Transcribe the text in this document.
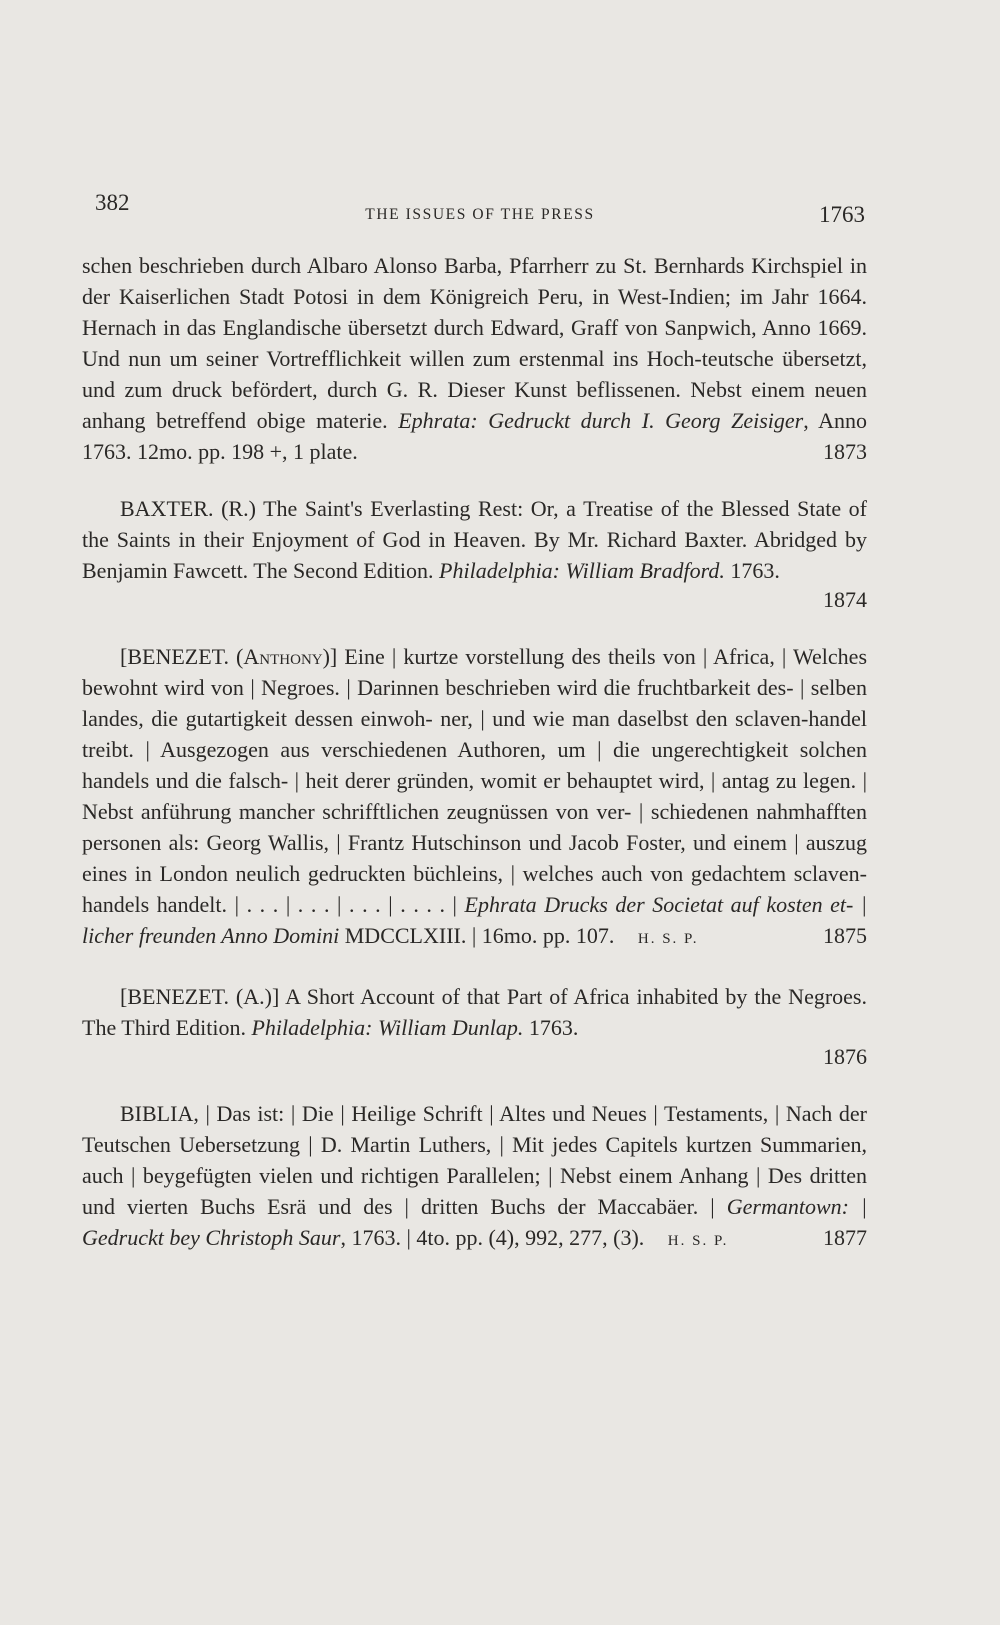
382	THE ISSUES OF THE PRESS	1763

schen beschrieben durch Albaro Alonso Barba, Pfarrherr zu St. Bernhards Kirchspiel in der Kaiserlichen Stadt Potosi in dem Königreich Peru, in West-Indien; im Jahr 1664. Hernach in das Englandische übersetzt durch Edward, Graff von Sanpwich, Anno 1669. Und nun um seiner Vortrefflichkeit willen zum erstenmal ins Hoch-teutsche übersetzt, und zum druck befördert, durch G. R. Dieser Kunst beflissenen. Nebst einem neuen anhang betreffend obige materie. Ephrata: Gedruckt durch I. Georg Zeisiger, Anno 1763. 12mo. pp. 198 +, 1 plate.	1873

BAXTER. (R.) The Saint's Everlasting Rest: Or, a Treatise of the Blessed State of the Saints in their Enjoyment of God in Heaven. By Mr. Richard Baxter. Abridged by Benjamin Fawcett. The Second Edition. Philadelphia: William Bradford. 1763.

1874

[BENEZET. (Anthony)] Eine | kurtze vorstellung des theils von | Africa, | Welches bewohnt wird von | Negroes. | Darinnen beschrieben wird die fruchtbarkeit des- | selben landes, die gutartigkeit dessen einwoh- ner, | und wie man daselbst den sclaven-handel treibt. | Ausgezogen aus verschiedenen Authoren, um | die ungerechtigkeit solchen handels und die falsch- | heit derer gründen, womit er behauptet wird, | antag zu legen. | Nebst anführung mancher schrifftlichen zeugnüssen von ver- | schiedenen nahmhafften personen als: Georg Wallis, | Frantz Hutschinson und Jacob Foster, und einem | auszug eines in London neulich gedruckten büchleins, | welches auch von gedachtem sclaven-handels handelt. | . . . | . . . | . . . | . . . . | Ephrata Drucks der Societat auf kosten et- | licher freunden Anno Domini MDCCLXIII. | 16mo. pp. 107.	1875
H. S. P.

[BENEZET. (A.)] A Short Account of that Part of Africa inhabited by the Negroes. The Third Edition. Philadelphia: William Dunlap. 1763.

1876

BIBLIA, | Das ist: | Die | Heilige Schrift | Altes und Neues | Testaments, | Nach der Teutschen Uebersetzung | D. Martin Luthers, | Mit jedes Capitels kurtzen Summarien, auch | beygefügten vielen und richtigen Parallelen; | Nebst einem Anhang | Des dritten und vierten Buchs Esrä und des | dritten Buchs der Maccabäer. | Germantown: | Gedruckt bey Christoph Saur, 1763. | 4to. pp. (4), 992, 277, (3).	1877
H. S. P.
